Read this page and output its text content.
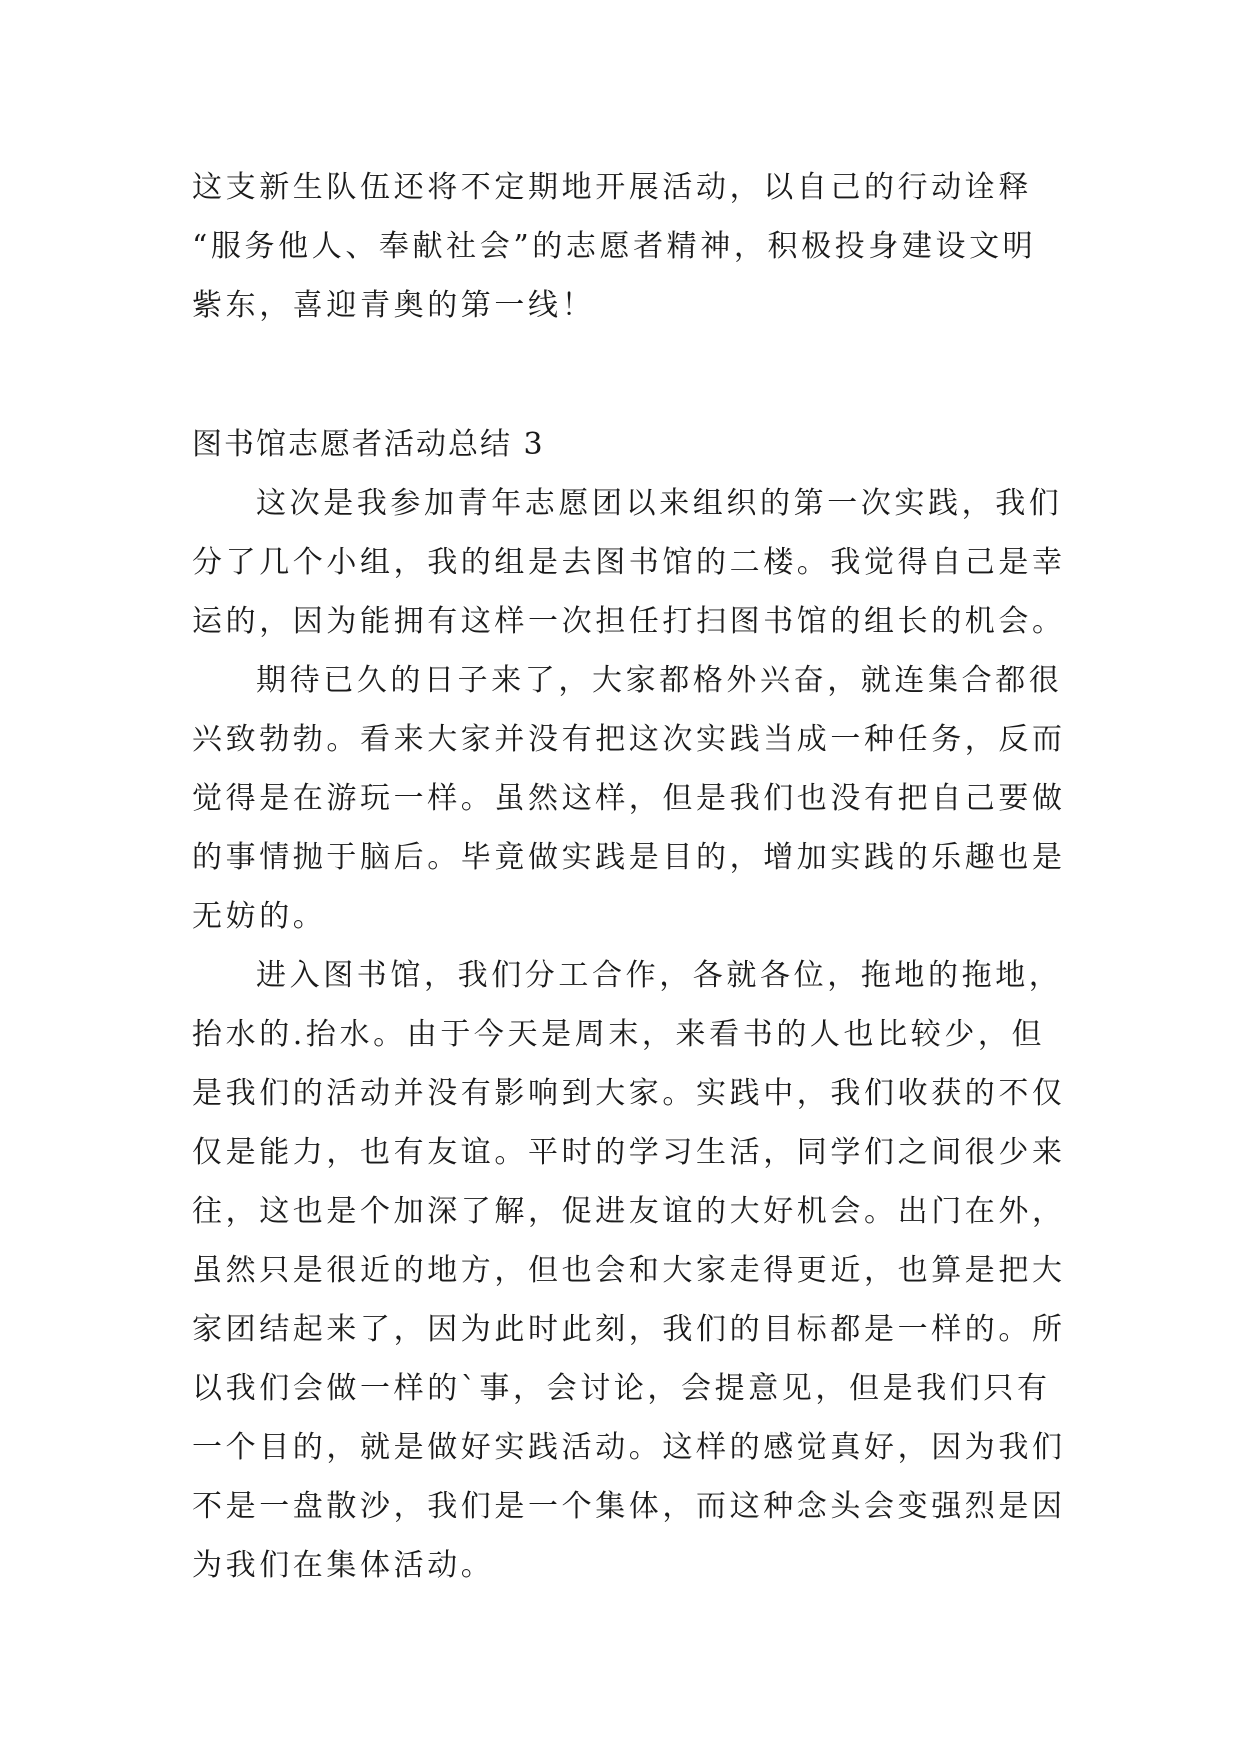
这支新生队伍还将不定期地开展活动，以自己的行动诠释
“服务他人、奉献社会”的志愿者精神，积极投身建设文明
紫东，喜迎青奥的第一线！

图书馆志愿者活动总结 3

这次是我参加青年志愿团以来组织的第一次实践，我们
分了几个小组，我的组是去图书馆的二楼。我觉得自己是幸
运的，因为能拥有这样一次担任打扫图书馆的组长的机会。

期待已久的日子来了，大家都格外兴奋，就连集合都很
兴致勃勃。看来大家并没有把这次实践当成一种任务，反而
觉得是在游玩一样。虽然这样，但是我们也没有把自己要做
的事情抛于脑后。毕竟做实践是目的，增加实践的乐趣也是
无妨的。

进入图书馆，我们分工合作，各就各位，拖地的拖地，
抬水的.抬水。由于今天是周末，来看书的人也比较少，但
是我们的活动并没有影响到大家。实践中，我们收获的不仅
仅是能力，也有友谊。平时的学习生活，同学们之间很少来
往，这也是个加深了解，促进友谊的大好机会。出门在外，
虽然只是很近的地方，但也会和大家走得更近，也算是把大
家团结起来了，因为此时此刻，我们的目标都是一样的。所
以我们会做一样的`事，会讨论，会提意见，但是我们只有
一个目的，就是做好实践活动。这样的感觉真好，因为我们
不是一盘散沙，我们是一个集体，而这种念头会变强烈是因
为我们在集体活动。
